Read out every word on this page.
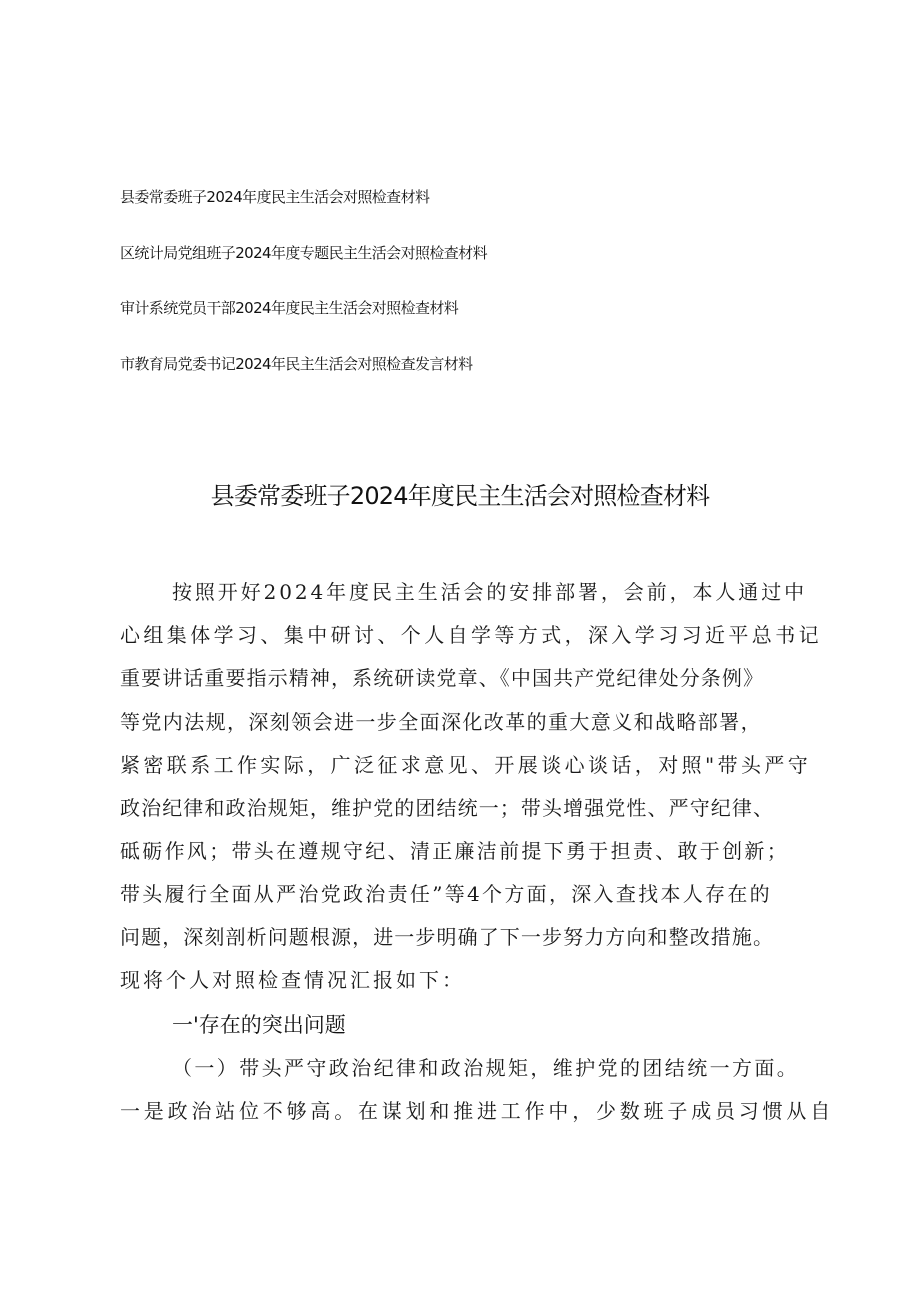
县委常委班子2024年度民主生活会对照检查材料
区统计局党组班子2024年度专题民主生活会对照检查材料
审计系统党员干部2024年度民主生活会对照检查材料
市教育局党委书记2024年民主生活会对照检查发言材料
县委常委班子2024年度民主生活会对照检查材料
按照开好2024年度民主生活会的安排部署，会前，本人通过中
心组集体学习、集中研讨、个人自学等方式，深入学习习近平总书记
重要讲话重要指示精神，系统研读党章、《中国共产党纪律处分条例》
等党内法规，深刻领会进一步全面深化改革的重大意义和战略部署，
紧密联系工作实际，广泛征求意见、开展谈心谈话，对照"带头严守
政治纪律和政治规矩，维护党的团结统一；带头增强党性、严守纪律、
砥砺作风；带头在遵规守纪、清正廉洁前提下勇于担责、敢于创新；
带头履行全面从严治党政治责任”等4个方面，深入查找本人存在的
问题，深刻剖析问题根源，进一步明确了下一步努力方向和整改措施。
现将个人对照检查情况汇报如下：
一'存在的突出问题
（一）带头严守政治纪律和政治规矩，维护党的团结统一方面。
一是政治站位不够高。在谋划和推进工作中，少数班子成员习惯从自
